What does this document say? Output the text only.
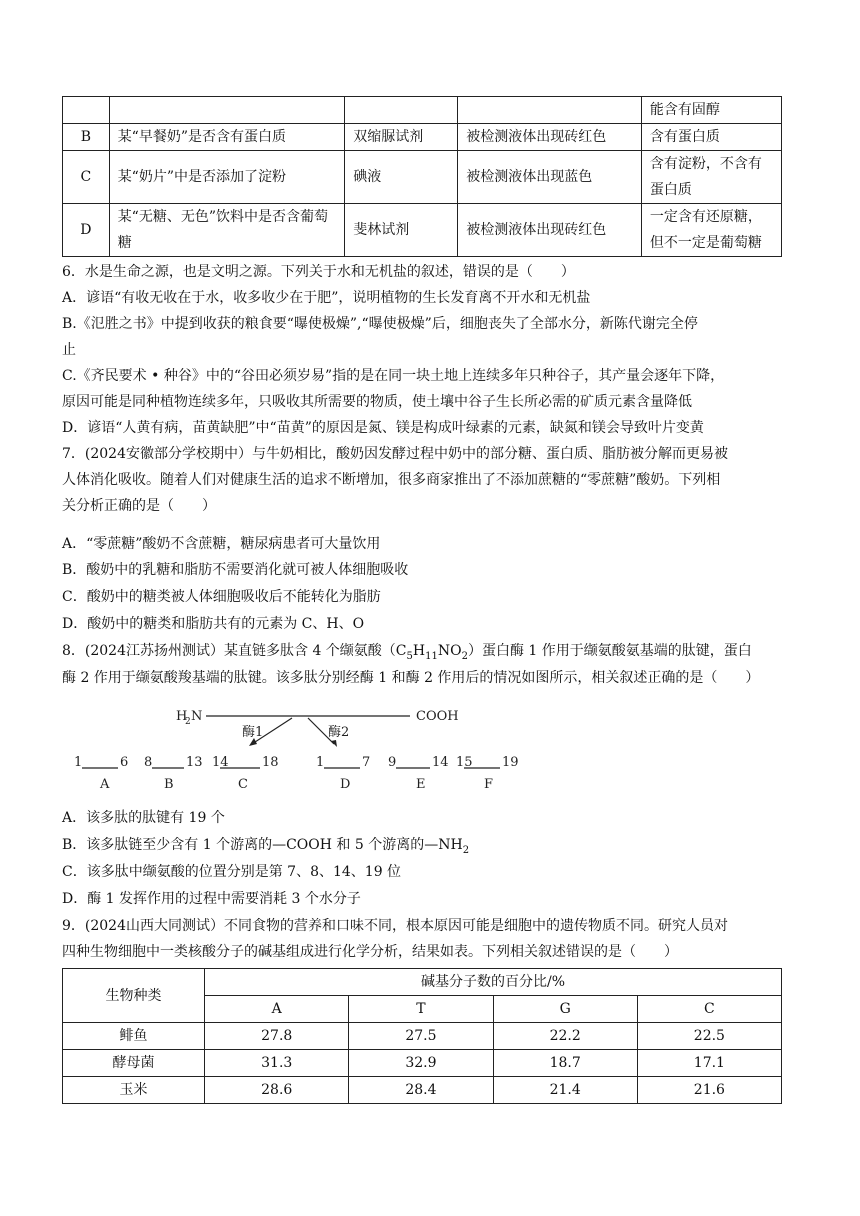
				能含有固醇
B	某“早餐奶”是否含有蛋白质	双缩脲试剂	被检测液体出现砖红色	含有蛋白质
C	某“奶片”中是否添加了淀粉	碘液	被检测液体出现蓝色	含有淀粉，不含有蛋白质
D	某“无糖、无色”饮料中是否含葡萄糖	斐林试剂	被检测液体出现砖红色	一定含有还原糖，但不一定是葡萄糖
6．水是生命之源，也是文明之源。下列关于水和无机盐的叙述，错误的是（　　）
A．谚语“有收无收在于水，收多收少在于肥”，说明植物的生长发育离不开水和无机盐
B.《氾胜之书》中提到收获的粮食要“曝使极燥”,“曝使极燥”后，细胞丧失了全部水分，新陈代谢完全停
止
C.《齐民要术 • 种谷》中的“谷田必须岁易”指的是在同一块土地上连续多年只种谷子，其产量会逐年下降，
原因可能是同种植物连续多年，只吸收其所需要的物质，使土壤中谷子生长所必需的矿质元素含量降低
D．谚语“人黄有病，苗黄缺肥”中“苗黄”的原因是氮、镁是构成叶绿素的元素，缺氮和镁会导致叶片变黄
7．(2024安徽部分学校期中）与牛奶相比，酸奶因发酵过程中奶中的部分糖、蛋白质、脂肪被分解而更易被
人体消化吸收。随着人们对健康生活的追求不断增加，很多商家推出了不添加蔗糖的“零蔗糖”酸奶。下列相
关分析正确的是（　　）
A．“零蔗糖”酸奶不含蔗糖，糖尿病患者可大量饮用
B．酸奶中的乳糖和脂肪不需要消化就可被人体细胞吸收
C．酸奶中的糖类被人体细胞吸收后不能转化为脂肪
D．酸奶中的糖类和脂肪共有的元素为 C、H、O
8．(2024江苏扬州测试）某直链多肽含 4 个缬氨酸$(C_5H_{11}NO_2)$蛋白酶 1 作用于缬氨酸氨基端的肽键，蛋白
酶 2 作用于缬氨酸羧基端的肽键。该多肽分别经酶 1 和酶 2 作用后的情况如图所示，相关叙述正确的是（　　）
H
2 N	COOH
酶1	酶2
1	6
A
8	13
B
14	18
C
1	7
D
9	14
E
15 19
F
A．该多肽的肽键有 19 个
B．该多肽链至少含有 1 个游离的—COOH 和 5 个游离的$—NH_2$
C．该多肽中缬氨酸的位置分别是第 7、8、14、19 位
D．酶 1 发挥作用的过程中需要消耗 3 个水分子
9．(2024山西大同测试）不同食物的营养和口味不同，根本原因可能是细胞中的遗传物质不同。研究人员对
四种生物细胞中一类核酸分子的碱基组成进行化学分析，结果如表。下列相关叙述错误的是（　　）
生物种类	碱基分子数的百分比/%			
	A	T	G	C
鲱鱼	27.8	27.5	22.2	22.5
酵母菌	31.3	32.9	18.7	17.1
玉米	28.6	28.4	21.4	21.6
